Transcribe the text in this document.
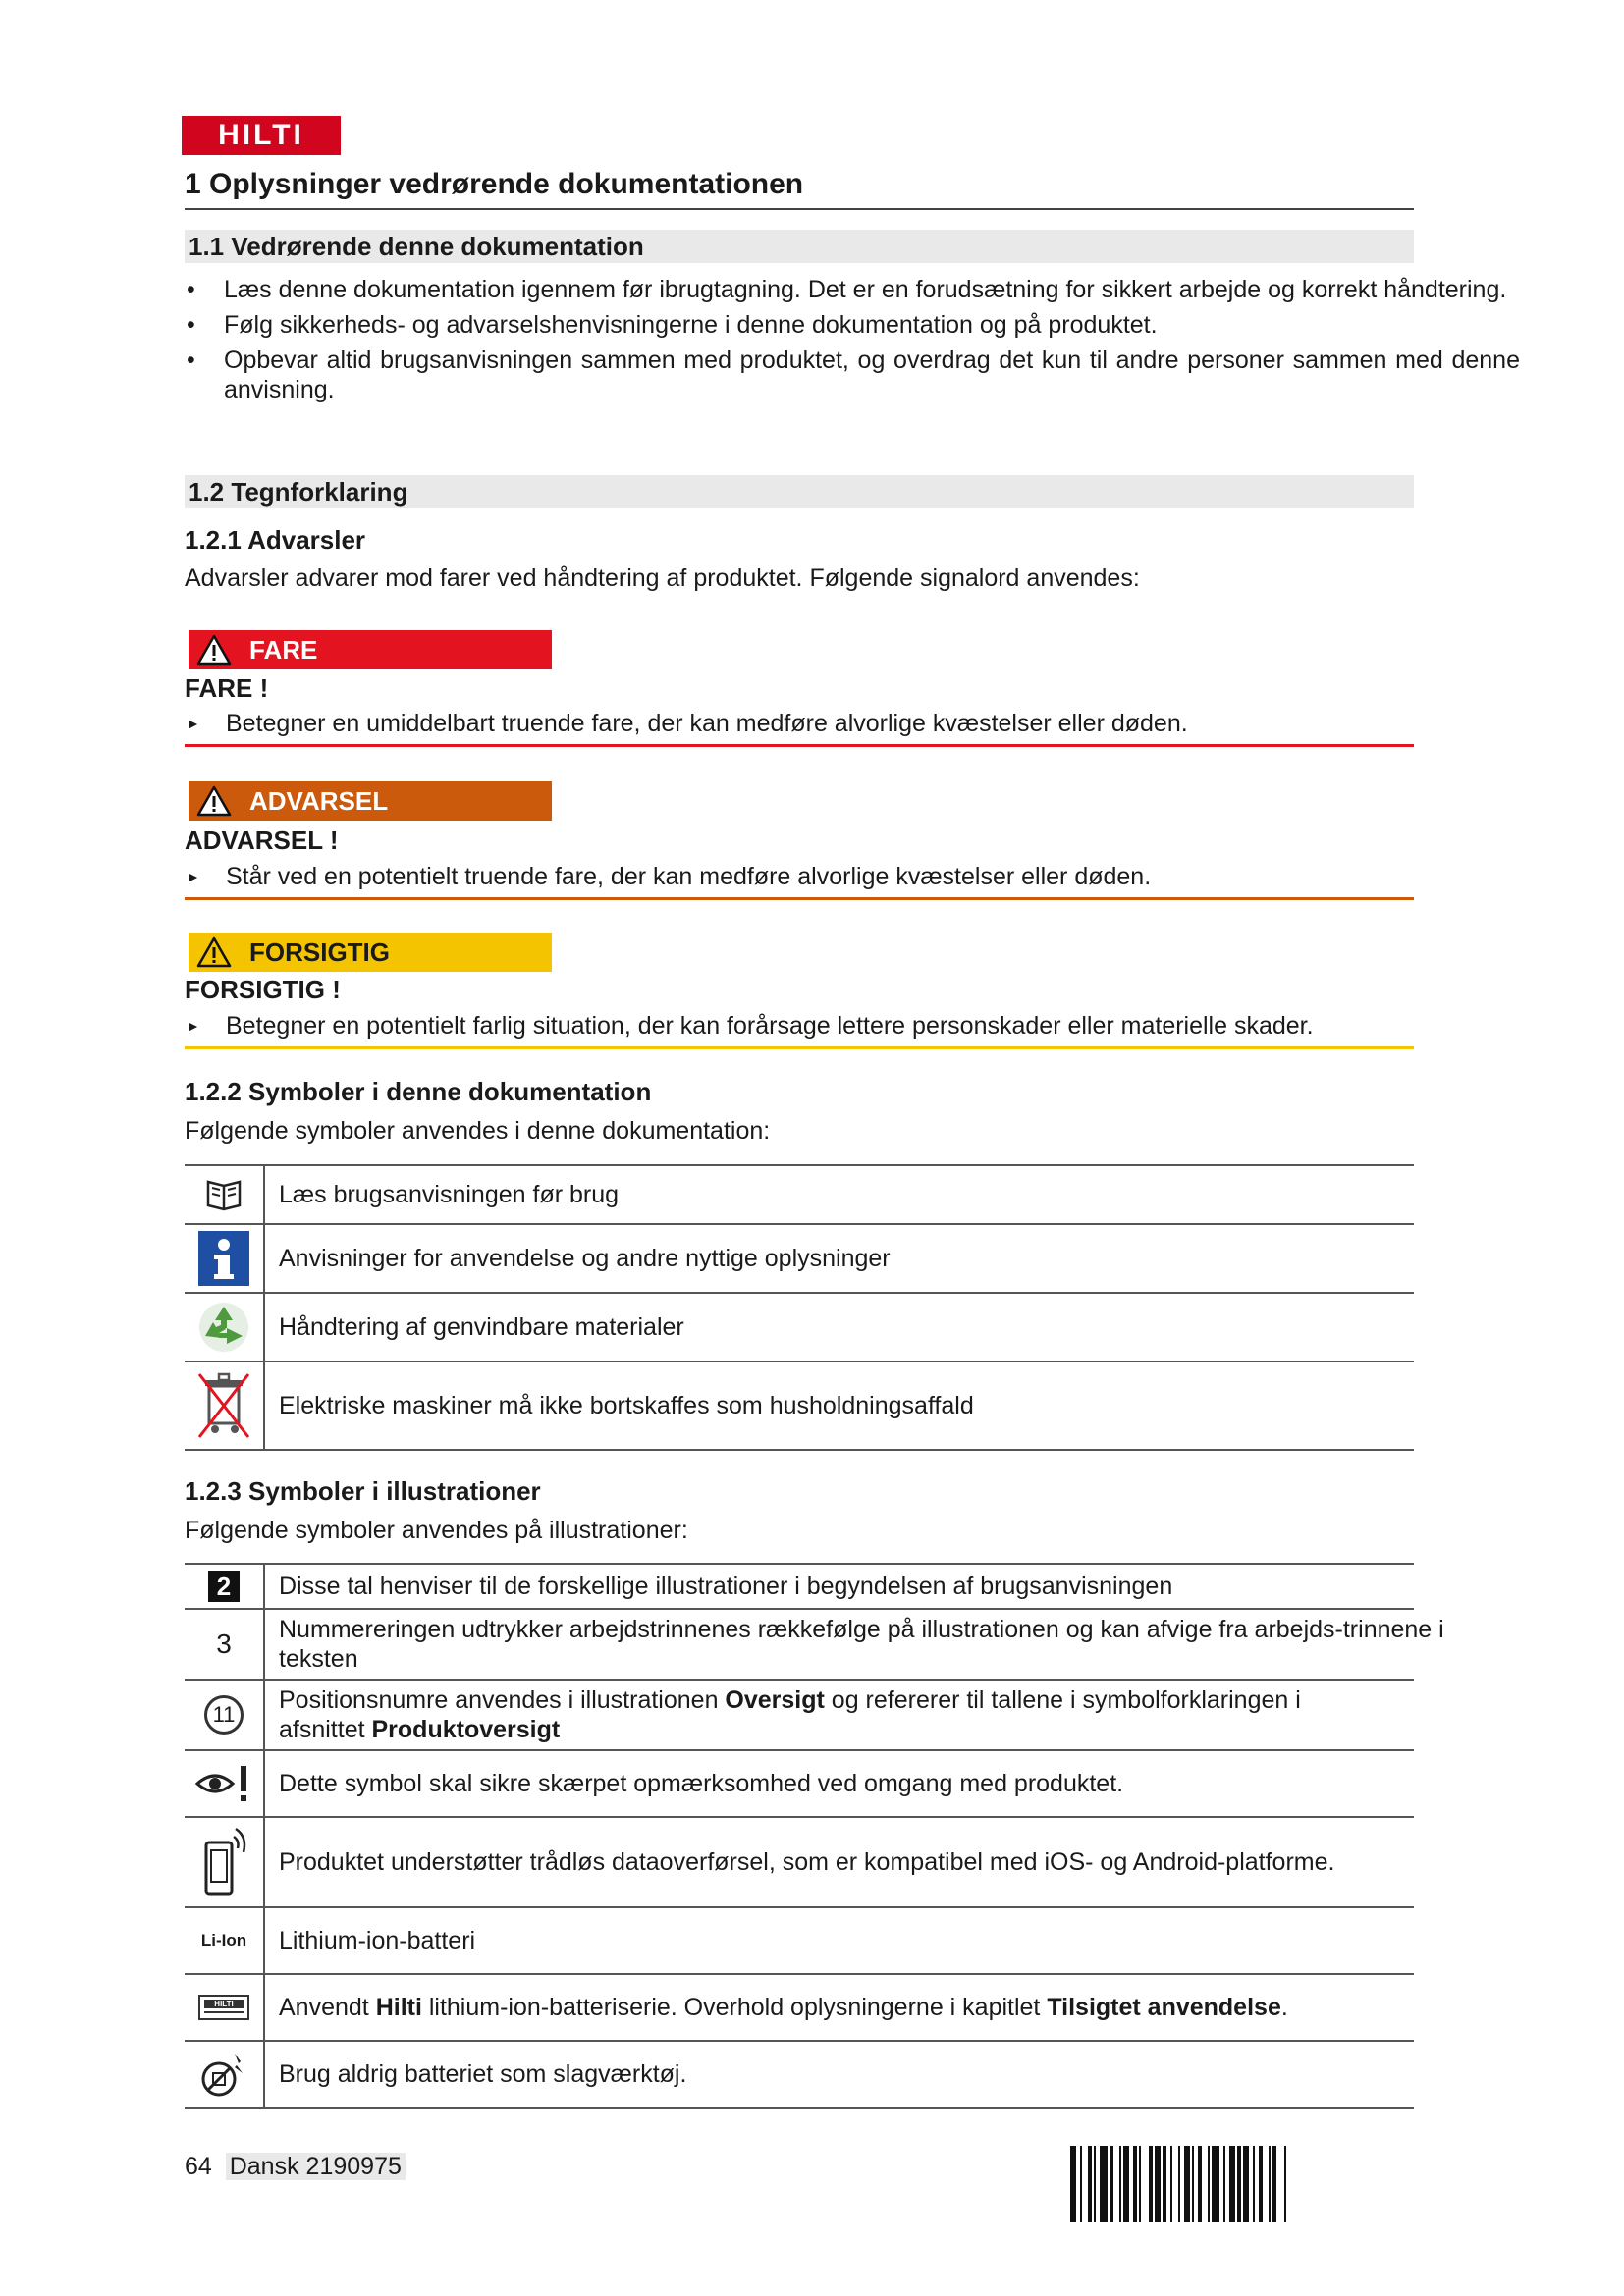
HILTI
1 Oplysninger vedrørende dokumentationen
1.1 Vedrørende denne dokumentation
• Læs denne dokumentation igennem før ibrugtagning. Det er en forudsætning for sikkert arbejde og korrekt håndtering.
• Følg sikkerheds- og advarselshenvisningerne i denne dokumentation og på produktet.
• Opbevar altid brugsanvisningen sammen med produktet, og overdrag det kun til andre personer sammen med denne anvisning.
1.2 Tegnforklaring
1.2.1 Advarsler
Advarsler advarer mod farer ved håndtering af produktet. Følgende signalord anvendes:
FARE
FARE !
► Betegner en umiddelbart truende fare, der kan medføre alvorlige kvæstelser eller døden.
ADVARSEL
ADVARSEL !
► Står ved en potentielt truende fare, der kan medføre alvorlige kvæstelser eller døden.
FORSIGTIG
FORSIGTIG !
► Betegner en potentielt farlig situation, der kan forårsage lettere personskader eller materielle skader.
1.2.2 Symboler i denne dokumentation
Følgende symboler anvendes i denne dokumentation:
Læs brugsanvisningen før brug
Anvisninger for anvendelse og andre nyttige oplysninger
Håndtering af genvindbare materialer
Elektriske maskiner må ikke bortskaffes som husholdningsaffald
1.2.3 Symboler i illustrationer
Følgende symboler anvendes på illustrationer:
2	Disse tal henviser til de forskellige illustrationer i begyndelsen af brugsanvisningen
3 Nummereringen udtrykker arbejdstrinnenes rækkefølge på illustrationen og kan afvige fra arbejds-trinnene i teksten
11
Positionsnumre anvendes i illustrationen Oversigt og refererer til tallene i symbolforklaringen i afsnittet Produktoversigt
Dette symbol skal sikre skærpet opmærksomhed ved omgang med produktet.
Produktet understøtter trådløs dataoverførsel, som er kompatibel med iOS- og Android-platforme.
Li-Ion	Lithium-ion-batteri
HILTI	Anvendt Hilti lithium-ion-batteriserie. Overhold oplysningerne i kapitlet Tilsigtet anvendelse.
Brug aldrig batteriet som slagværktøj.
64 Dansk 2190975
